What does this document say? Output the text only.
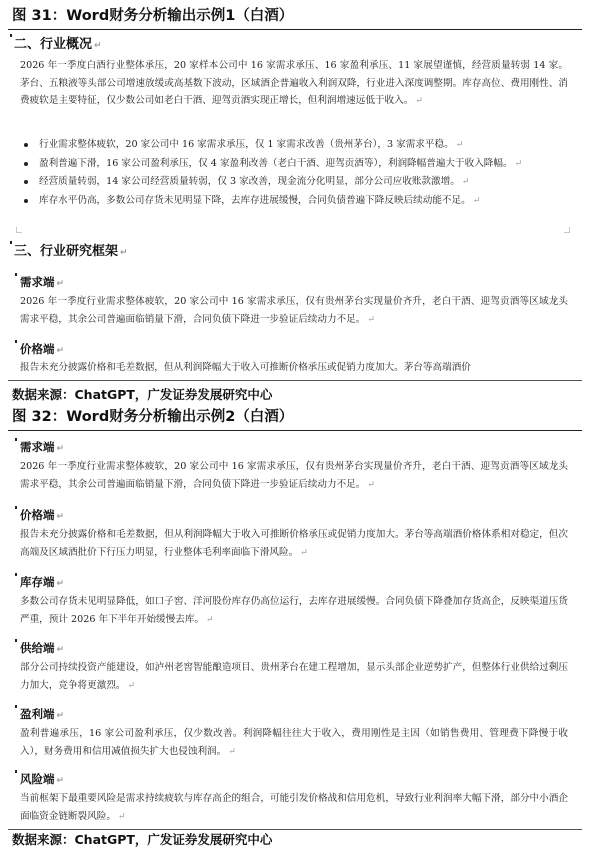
图 31：Word财务分析输出示例1（白酒）
二、行业概况 ↵
2026 年一季度白酒行业整体承压，20 家样本公司中 16 家需求承压、16 家盈利承压、11 家展望谨慎，经营质量转弱 14 家。茅台、五粮液等头部公司增速放缓或高基数下波动，区域酒企普遍收入利润双降，行业进入深度调整期。库存高位、费用刚性、消费疲软是主要特征，仅少数公司如老白干酒、迎驾贡酒实现正增长，但利润增速远低于收入。 ↵
行业需求整体疲软，20 家公司中 16 家需求承压，仅 1 家需求改善（贵州茅台），3 家需求平稳。 ↵
盈利普遍下滑，16 家公司盈利承压，仅 4 家盈利改善（老白干酒、迎驾贡酒等），利润降幅普遍大于收入降幅。 ↵
经营质量转弱，14 家公司经营质量转弱，仅 3 家改善，现金流分化明显，部分公司应收账款激增。 ↵
库存水平仍高，多数公司存货未见明显下降，去库存进展缓慢，合同负债普遍下降反映后续动能不足。 ↵
三、行业研究框架 ↵
需求端 ↵
2026 年一季度行业需求整体疲软，20 家公司中 16 家需求承压，仅有贵州茅台实现量价齐升，老白干酒、迎驾贡酒等区域龙头需求平稳，其余公司普遍面临销量下滑，合同负债下降进一步验证后续动力不足。 ↵
价格端 ↵
报告未充分披露价格和毛差数据，但从利润降幅大于收入可推断价格承压或促销力度加大。茅台等高端酒价
数据来源：ChatGPT，广发证券发展研究中心
图 32：Word财务分析输出示例2（白酒）
需求端 ↵
2026 年一季度行业需求整体疲软，20 家公司中 16 家需求承压，仅有贵州茅台实现量价齐升，老白干酒、迎驾贡酒等区域龙头需求平稳，其余公司普遍面临销量下滑，合同负债下降进一步验证后续动力不足。 ↵
价格端 ↵
报告未充分披露价格和毛差数据，但从利润降幅大于收入可推断价格承压或促销力度加大。茅台等高端酒价格体系相对稳定，但次高端及区域酒批价下行压力明显，行业整体毛利率面临下滑风险。 ↵
库存端 ↵
多数公司存货未见明显降低，如口子窖、洋河股份库存仍高位运行，去库存进展缓慢。合同负债下降叠加存货高企，反映渠道压货严重，预计 2026 年下半年开始缓慢去库。 ↵
供给端 ↵
部分公司持续投资产能建设，如泸州老窖智能酿造项目、贵州茅台在建工程增加，显示头部企业逆势扩产，但整体行业供给过剩压力加大，竞争将更激烈。 ↵
盈利端 ↵
盈利普遍承压，16 家公司盈利承压，仅少数改善。利润降幅往往大于收入，费用刚性是主因（如销售费用、管理费下降慢于收入），财务费用和信用减值损失扩大也侵蚀利润。 ↵
风险端 ↵
当前框架下最重要风险是需求持续疲软与库存高企的组合，可能引发价格战和信用危机，导致行业利润率大幅下滑，部分中小酒企面临资金链断裂风险。 ↵
数据来源：ChatGPT，广发证券发展研究中心
